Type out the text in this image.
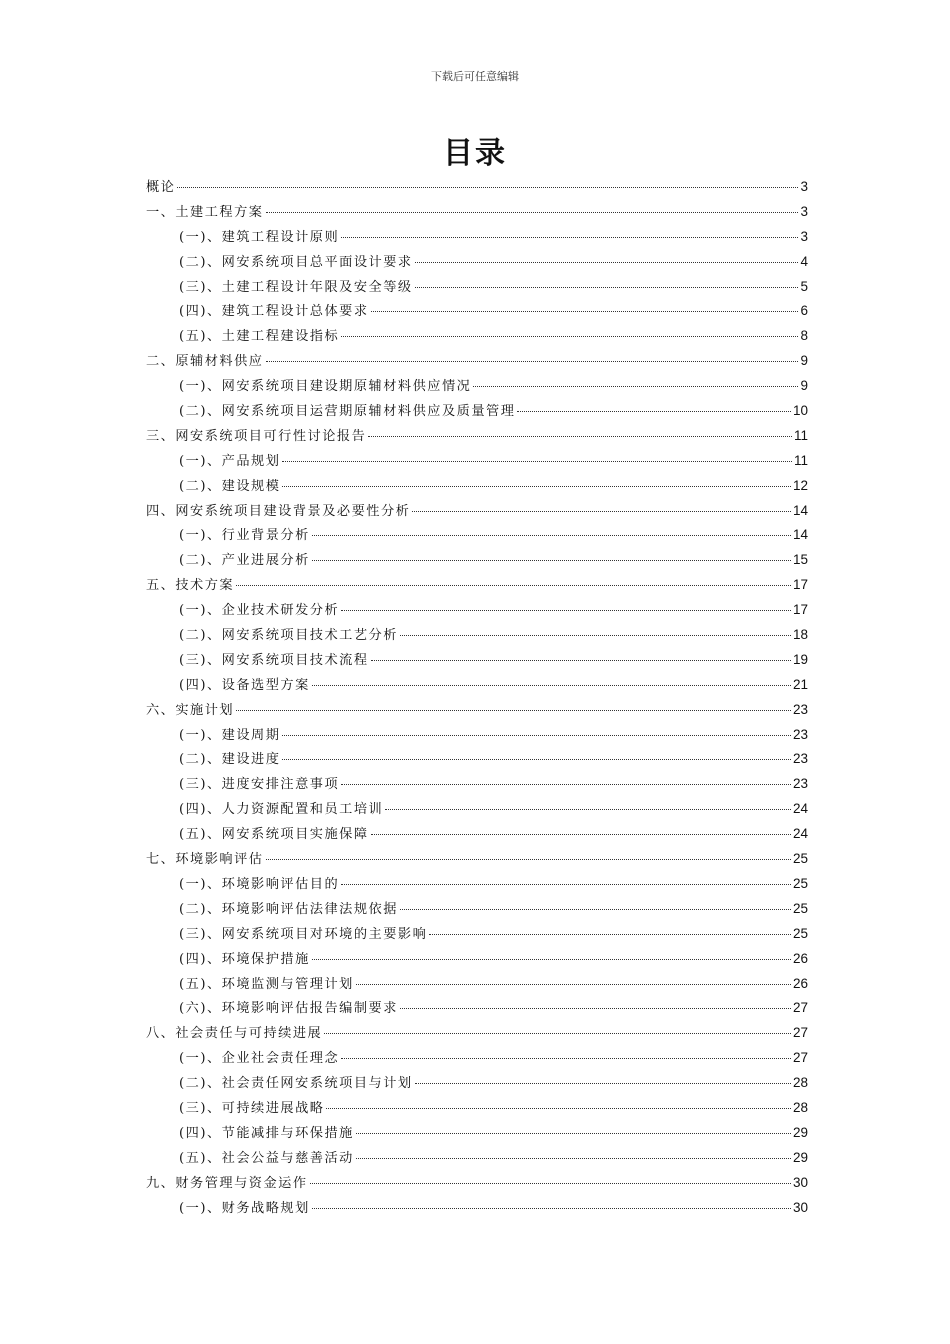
下载后可任意编辑
目录
概论	3
一、土建工程方案	3
(一)、建筑工程设计原则	3
(二)、网安系统项目总平面设计要求	4
(三)、土建工程设计年限及安全等级	5
(四)、建筑工程设计总体要求	6
(五)、土建工程建设指标	8
二、原辅材料供应	9
(一)、网安系统项目建设期原辅材料供应情况	9
(二)、网安系统项目运营期原辅材料供应及质量管理	10
三、网安系统项目可行性讨论报告	11
(一)、产品规划	11
(二)、建设规模	12
四、网安系统项目建设背景及必要性分析	14
(一)、行业背景分析	14
(二)、产业进展分析	15
五、技术方案	17
(一)、企业技术研发分析	17
(二)、网安系统项目技术工艺分析	18
(三)、网安系统项目技术流程	19
(四)、设备选型方案	21
六、实施计划	23
(一)、建设周期	23
(二)、建设进度	23
(三)、进度安排注意事项	23
(四)、人力资源配置和员工培训	24
(五)、网安系统项目实施保障	24
七、环境影响评估	25
(一)、环境影响评估目的	25
(二)、环境影响评估法律法规依据	25
(三)、网安系统项目对环境的主要影响	25
(四)、环境保护措施	26
(五)、环境监测与管理计划	26
(六)、环境影响评估报告编制要求	27
八、社会责任与可持续进展	27
(一)、企业社会责任理念	27
(二)、社会责任网安系统项目与计划	28
(三)、可持续进展战略	28
(四)、节能减排与环保措施	29
(五)、社会公益与慈善活动	29
九、财务管理与资金运作	30
(一)、财务战略规划	30
